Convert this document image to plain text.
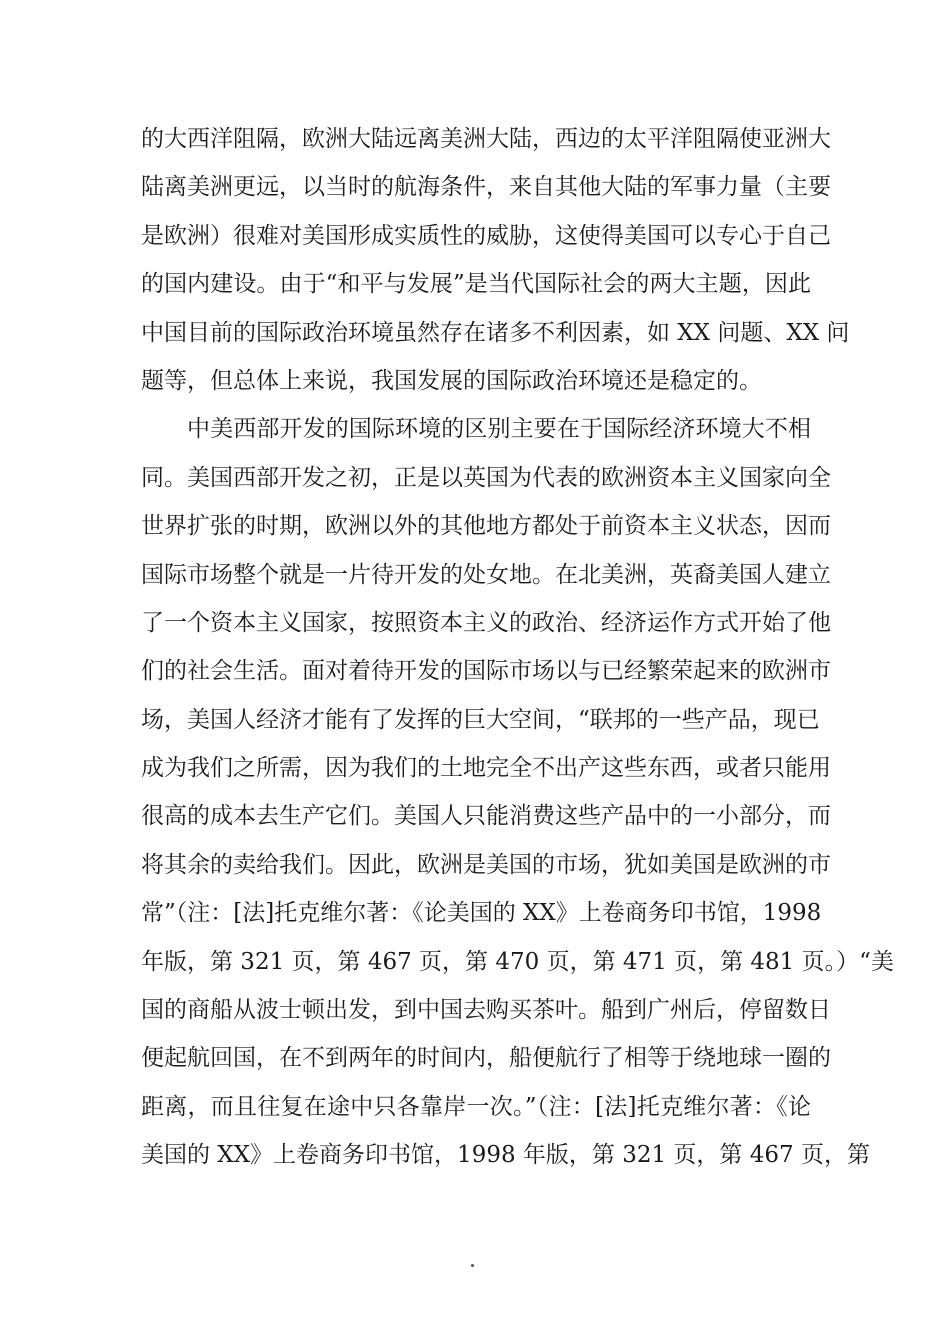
的大西洋阻隔，欧洲大陆远离美洲大陆，西边的太平洋阻隔使亚洲大
陆离美洲更远，以当时的航海条件，来自其他大陆的军事力量（主要
是欧洲）很难对美国形成实质性的威胁，这使得美国可以专心于自己
的国内建设。由于“和平与发展”是当代国际社会的两大主题，因此
中国目前的国际政治环境虽然存在诸多不利因素，如 XX 问题、XX 问
题等，但总体上来说，我国发展的国际政治环境还是稳定的。
中美西部开发的国际环境的区别主要在于国际经济环境大不相
同。美国西部开发之初，正是以英国为代表的欧洲资本主义国家向全
世界扩张的时期，欧洲以外的其他地方都处于前资本主义状态，因而
国际市场整个就是一片待开发的处女地。在北美洲，英裔美国人建立
了一个资本主义国家，按照资本主义的政治、经济运作方式开始了他
们的社会生活。面对着待开发的国际市场以与已经繁荣起来的欧洲市
场，美国人经济才能有了发挥的巨大空间，“联邦的一些产品，现已
成为我们之所需，因为我们的土地完全不出产这些东西，或者只能用
很高的成本去生产它们。美国人只能消费这些产品中的一小部分，而
将其余的卖给我们。因此，欧洲是美国的市场，犹如美国是欧洲的市
常”（注：[法]托克维尔著：《论美国的 XX》上卷商务印书馆，1998
年版，第 321 页，第 467 页，第 470 页，第 471 页，第 481 页。）“美
国的商船从波士顿出发，到中国去购买茶叶。船到广州后，停留数日
便起航回国，在不到两年的时间内，船便航行了相等于绕地球一圈的
距离，而且往复在途中只各靠岸一次。”（注：[法]托克维尔著：《论
美国的 XX》上卷商务印书馆，1998 年版，第 321 页，第 467 页，第
